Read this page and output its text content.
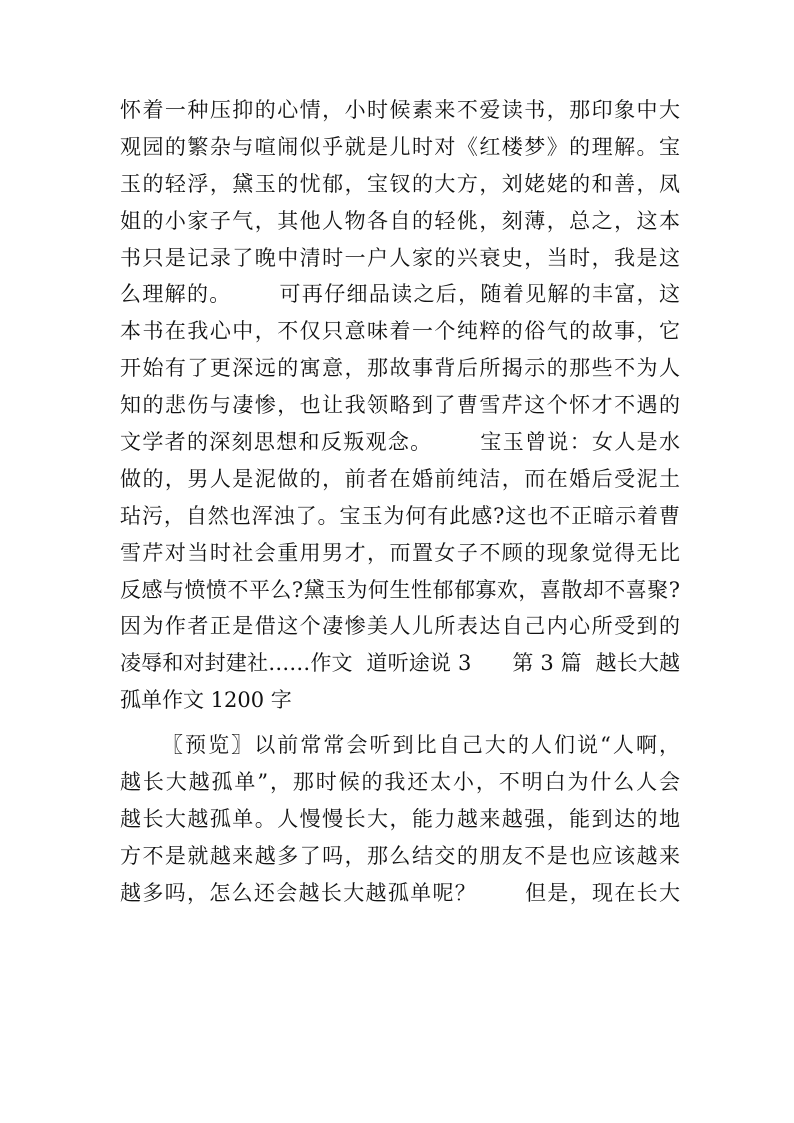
怀着一种压抑的心情，小时候素来不爱读书，那印象中大
观园的繁杂与喧闹似乎就是儿时对《红楼梦》的理解。宝
玉的轻浮，黛玉的忧郁，宝钗的大方，刘姥姥的和善，凤
姐的小家子气，其他人物各自的轻佻，刻薄，总之，这本
书只是记录了晚中清时一户人家的兴衰史，当时，我是这
么理解的。      可再仔细品读之后，随着见解的丰富，这
本书在我心中，不仅只意味着一个纯粹的俗气的故事，它
开始有了更深远的寓意，那故事背后所揭示的那些不为人
知的悲伤与凄惨，也让我领略到了曹雪芹这个怀才不遇的
文学者的深刻思想和反叛观念。      宝玉曾说：女人是水
做的，男人是泥做的，前者在婚前纯洁，而在婚后受泥土
玷污，自然也浑浊了。宝玉为何有此感?这也不正暗示着曹
雪芹对当时社会重用男才，而置女子不顾的现象觉得无比
反感与愤愤不平么?黛玉为何生性郁郁寡欢，喜散却不喜聚?
因为作者正是借这个凄惨美人儿所表达自己内心所受到的
凌辱和对封建社……作文  道听途说 3      第 3 篇  越长大越
孤单作文 1200 字
〖预览〗以前常常会听到比自己大的人们说“人啊，
越长大越孤单”，那时候的我还太小，不明白为什么人会
越长大越孤单。人慢慢长大，能力越来越强，能到达的地
方不是就越来越多了吗，那么结交的朋友不是也应该越来
越多吗，怎么还会越长大越孤单呢？      但是，现在长大
